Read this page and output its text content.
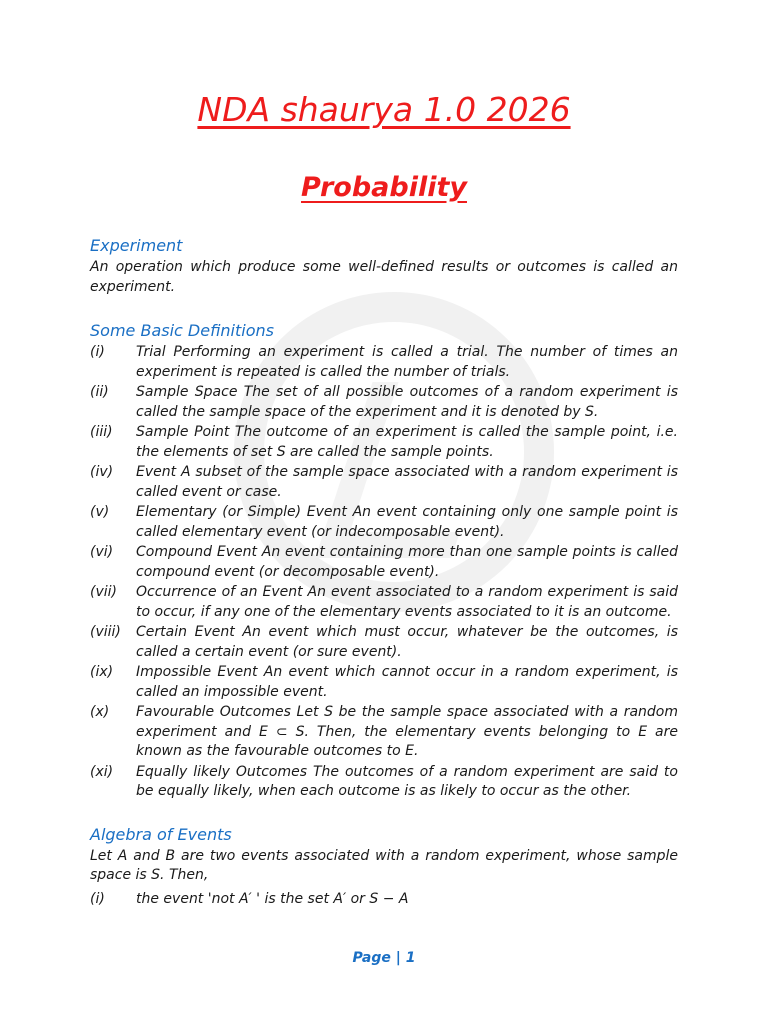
NDA shaurya 1.0 2026
Probability
Experiment

An operation which produce some well-defined results or outcomes is called an experiment.

Some Basic Definitions
(i)	Trial Performing an experiment is called a trial. The number of times an experiment is repeated is called the number of trials.
(ii)	Sample Space The set of all possible outcomes of a random experiment is called the sample space of the experiment and it is denoted by S.
(iii)	Sample Point The outcome of an experiment is called the sample point, i.e. the elements of set S are called the sample points.
(iv)	Event A subset of the sample space associated with a random experiment is called event or case.
(v)	Elementary (or Simple) Event An event containing only one sample point is called elementary event (or indecomposable event).
(vi)	Compound Event An event containing more than one sample points is called compound event (or decomposable event).
(vii)	Occurrence of an Event An event associated to a random experiment is said to occur, if any one of the elementary events associated to it is an outcome.
(viii)	Certain Event An event which must occur, whatever be the outcomes, is called a certain event (or sure event).
(ix)	Impossible Event An event which cannot occur in a random experiment, is called an impossible event.
(x)	Favourable Outcomes Let S be the sample space associated with a random experiment and E ⊂ S. Then, the elementary events belonging to E are known as the favourable outcomes to E.
(xi)	Equally likely Outcomes The outcomes of a random experiment are said to be equally likely, when each outcome is as likely to occur as the other.
Algebra of Events

Let A and B are two events associated with a random experiment, whose sample space is S. Then,

(i)	the event 'not A′ ' is the set A′ or S − A
Page | 1
